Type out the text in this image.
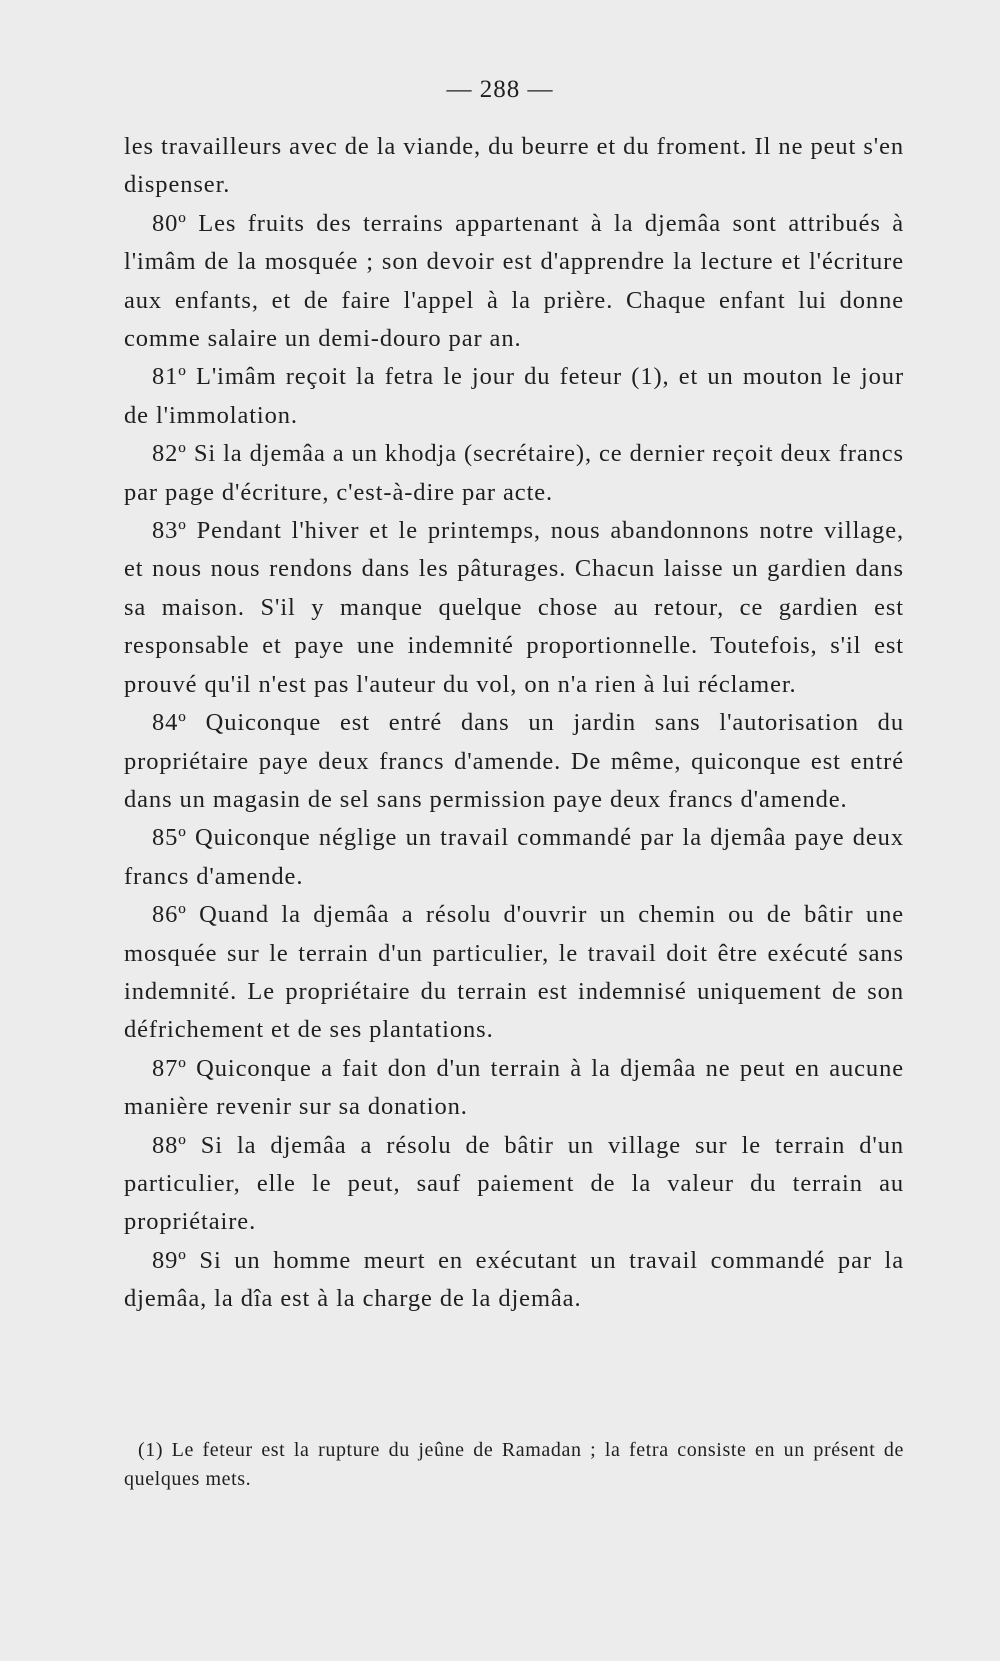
— 288 —

les travailleurs avec de la viande, du beurre et du froment. Il ne peut s'en dispenser.

80º Les fruits des terrains appartenant à la djemâa sont attribués à l'imâm de la mosquée ; son devoir est d'apprendre la lecture et l'écriture aux enfants, et de faire l'appel à la prière. Chaque enfant lui donne comme salaire un demi-douro par an.

81º L'imâm reçoit la fetra le jour du feteur (1), et un mouton le jour de l'immolation.

82º Si la djemâa a un khodja (secrétaire), ce dernier reçoit deux francs par page d'écriture, c'est-à-dire par acte.

83º Pendant l'hiver et le printemps, nous abandonnons notre village, et nous nous rendons dans les pâturages. Chacun laisse un gardien dans sa maison. S'il y manque quelque chose au retour, ce gardien est responsable et paye une indemnité proportionnelle. Toutefois, s'il est prouvé qu'il n'est pas l'auteur du vol, on n'a rien à lui réclamer.

84º Quiconque est entré dans un jardin sans l'autorisation du propriétaire paye deux francs d'amende. De même, quiconque est entré dans un magasin de sel sans permission paye deux francs d'amende.

85º Quiconque néglige un travail commandé par la djemâa paye deux francs d'amende.

86º Quand la djemâa a résolu d'ouvrir un chemin ou de bâtir une mosquée sur le terrain d'un particulier, le travail doit être exécuté sans indemnité. Le propriétaire du terrain est indemnisé uniquement de son défrichement et de ses plantations.

87º Quiconque a fait don d'un terrain à la djemâa ne peut en aucune manière revenir sur sa donation.

88º Si la djemâa a résolu de bâtir un village sur le terrain d'un particulier, elle le peut, sauf paiement de la valeur du terrain au propriétaire.

89º Si un homme meurt en exécutant un travail commandé par la djemâa, la dîa est à la charge de la djemâa.

(1) Le feteur est la rupture du jeûne de Ramadan ; la fetra consiste en un présent de quelques mets.
